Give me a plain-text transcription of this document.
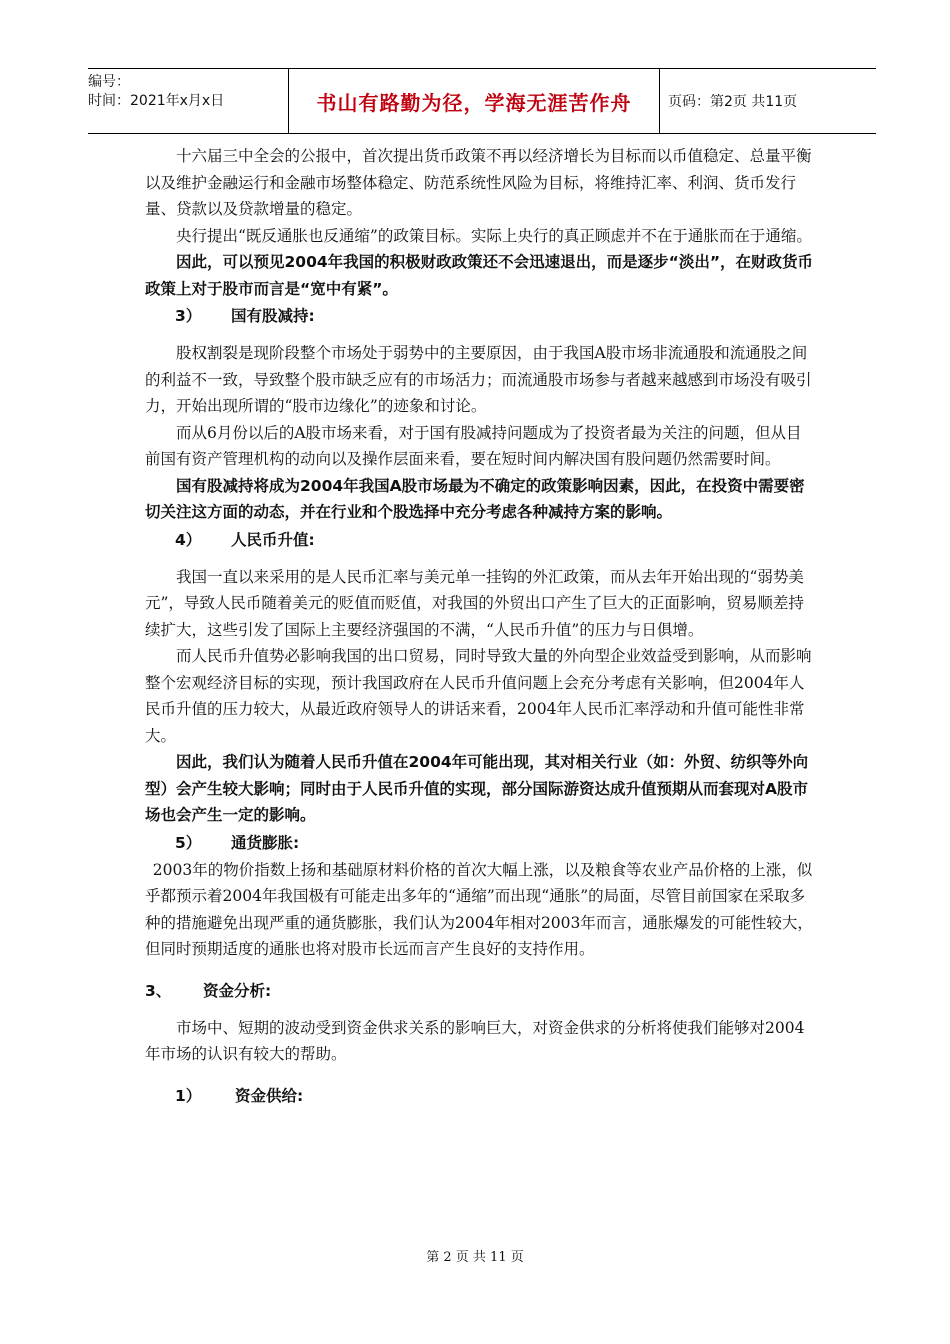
编号：
时间：2021年x月x日	书山有路勤为径，学海无涯苦作舟	页码：第2页 共11页

十六届三中全会的公报中，首次提出货币政策不再以经济增长为目标而以币值稳定、总量平衡以及维护金融运行和金融市场整体稳定、防范系统性风险为目标，将维持汇率、利润、货币发行量、贷款以及贷款增量的稳定。

央行提出“既反通胀也反通缩”的政策目标。实际上央行的真正顾虑并不在于通胀而在于通缩。

因此，可以预见2004年我国的积极财政政策还不会迅速退出，而是逐步“淡出”，在财政货币政策上对于股市而言是“宽中有紧”。

3） 国有股减持:

股权割裂是现阶段整个市场处于弱势中的主要原因，由于我国A股市场非流通股和流通股之间的利益不一致，导致整个股市缺乏应有的市场活力；而流通股市场参与者越来越感到市场没有吸引力，开始出现所谓的“股市边缘化”的迹象和讨论。

而从6月份以后的A股市场来看，对于国有股减持问题成为了投资者最为关注的问题，但从目前国有资产管理机构的动向以及操作层面来看，要在短时间内解决国有股问题仍然需要时间。

国有股减持将成为2004年我国A股市场最为不确定的政策影响因素，因此，在投资中需要密切关注这方面的动态，并在行业和个股选择中充分考虑各种减持方案的影响。

4） 人民币升值:

我国一直以来采用的是人民币汇率与美元单一挂钩的外汇政策，而从去年开始出现的“弱势美元”，导致人民币随着美元的贬值而贬值，对我国的外贸出口产生了巨大的正面影响，贸易顺差持续扩大，这些引发了国际上主要经济强国的不满，“人民币升值”的压力与日俱增。

而人民币升值势必影响我国的出口贸易，同时导致大量的外向型企业效益受到影响，从而影响整个宏观经济目标的实现，预计我国政府在人民币升值问题上会充分考虑有关影响，但2004年人民币升值的压力较大，从最近政府领导人的讲话来看，2004年人民币汇率浮动和升值可能性非常大。

因此，我们认为随着人民币升值在2004年可能出现，其对相关行业（如：外贸、纺织等外向型）会产生较大影响；同时由于人民币升值的实现，部分国际游资达成升值预期从而套现对A股市场也会产生一定的影响。

5） 通货膨胀:

2003年的物价指数上扬和基础原材料价格的首次大幅上涨，以及粮食等农业产品价格的上涨，似乎都预示着2004年我国极有可能走出多年的“通缩”而出现“通胀”的局面，尽管目前国家在采取多种的措施避免出现严重的通货膨胀，我们认为2004年相对2003年而言，通胀爆发的可能性较大，但同时预期适度的通胀也将对股市长远而言产生良好的支持作用。

3、 资金分析:

市场中、短期的波动受到资金供求关系的影响巨大，对资金供求的分析将使我们能够对2004年市场的认识有较大的帮助。

1） 资金供给:
第 2 页 共 11 页
